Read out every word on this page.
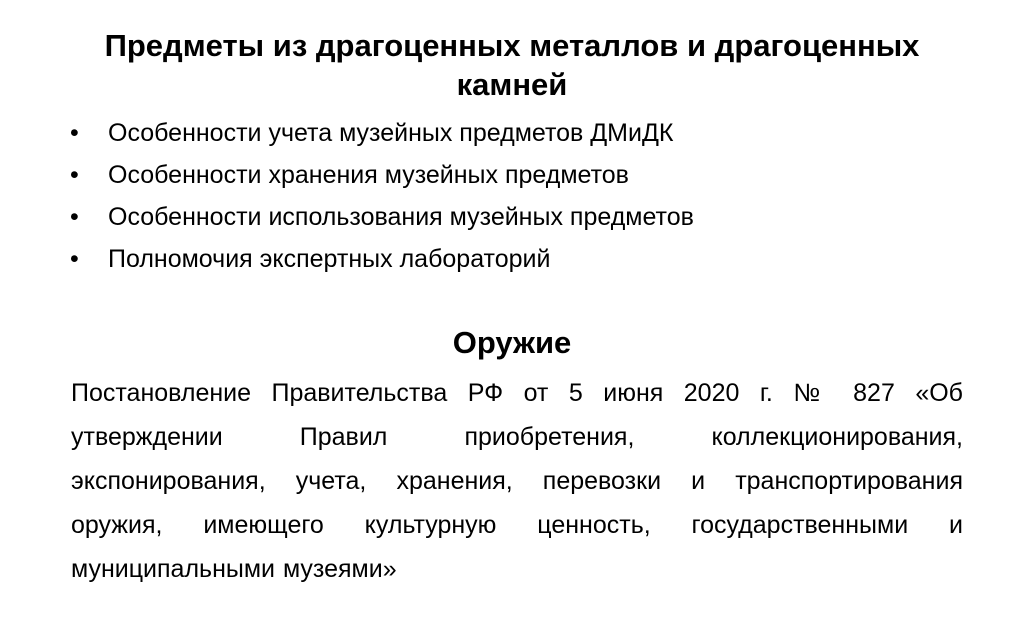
Предметы из драгоценных металлов и драгоценных
камней
• Особенности учета музейных предметов ДМиДК
• Особенности хранения музейных предметов
• Особенности использования музейных предметов
• Полномочия экспертных лабораторий
Оружие
Постановление Правительства РФ от 5 июня 2020 г. № 827 «Об
утверждении Правил приобретения, коллекционирования,
экспонирования, учета, хранения, перевозки и транспортирования
оружия, имеющего культурную ценность, государственными и
муниципальными музеями»
